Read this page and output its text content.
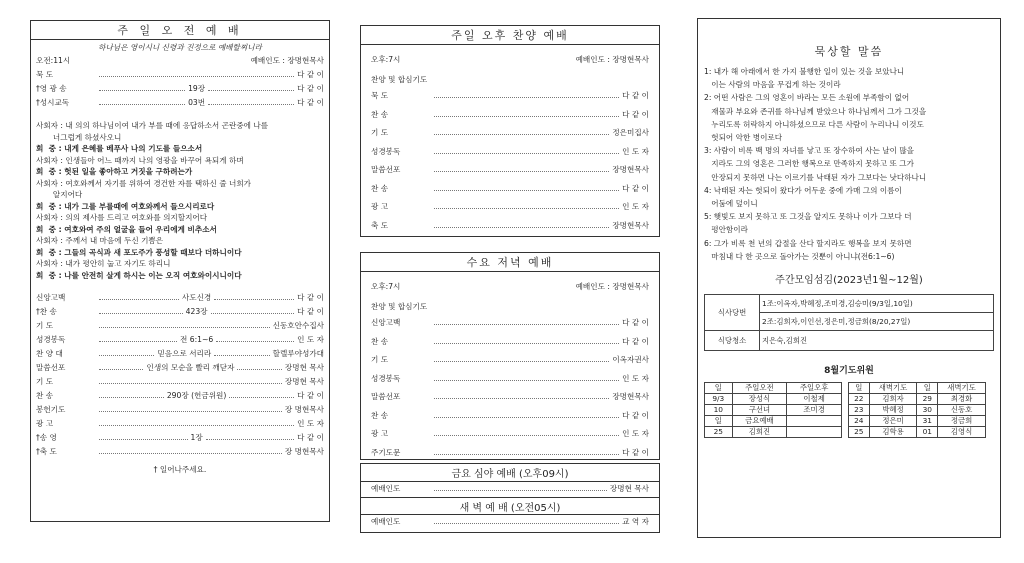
주 일 오 전 예 배
하나님은 영이시니 신령과 진정으로 예배할찌니라
오전:11시	예배인도 : 장명현목사
묵 도	다 같 이
†영 광 송	19장	다 같 이
†성시교독	03번	다 같 이
사회자 : 내 의의 하나님이여 내가 부를 때에 응답하소서 곤란중에 나를
너그럽게 하셨사오니
회  중 : 내게 은혜를 베푸사 나의 기도를 들으소서
사회자 : 인생들아 어느 때까지 나의 영광을 바꾸어 욕되게 하며
회  중 : 헛된 일을 좋아하고 거짓을 구하려는가
사회자 : 여호와께서 자기를 위하여 경건한 자를 택하신 줄 너희가
알지어다
회  중 : 내가 그를 부를때에 여호와께서 들으시리로다
사회자 : 의의 제사를 드리고 여호와를 의지할지어다
회  중 : 여호와여 주의 얼굴을 들어 우리에게 비추소서
사회자 : 주께서 내 마음에 두신 기쁨은
회  중 : 그들의 곡식과 새 포도주가 풍성할 때보다 더하니이다
사회자 : 내가 평안히 눕고 자기도 하리니
회  중 : 나를 안전히 살게 하시는 이는 오직 여호와이시니이다
신앙고백	사도신경	다 같 이
†찬 송	423장	다 같 이
기 도	신동호안수집사
성경봉독	전 6:1~6	인 도 자
찬 양 대	믿음으로 서리라	할렐루야성가대
말씀선포	인생의 모순을 빨리 깨닫자	장명현 목사
기 도	장명현 목사
찬 송	290장 (헌금위원)	다 같 이
봉헌기도	장 명현목사
광 고	인 도 자
†송 영	1장	다 같 이
†축 도	장 명현목사
† 일어나주세요.
주일 오후 찬양 예배
오후:7시	예배인도 : 장명현목사
찬양 및 합심기도
묵 도	다 같 이
찬 송	다 같 이
기 도	정은미집사
성경봉독	인 도 자
말씀선포	장명현목사
찬 송	다 같 이
광 고	인 도 자
축 도	장명현목사
수요 저녁 예배
오후:7시	예배인도 : 장명현목사
찬양 및 합심기도
신앙고백	다 같 이
찬 송	다 같 이
기 도	이옥자권사
성경봉독	인 도 자
말씀선포	장명현목사
찬 송	다 같 이
광 고	인 도 자
주기도문	다 같 이
금요 심야 예배 (오후09시)
예배인도	장명현 목사
새 벽 예 배 (오전05시)
예배인도	교 역 자
묵상할 말씀
1: 내가 해 아래에서 한 가지 불행한 일이 있는 것을 보았나니
이는 사람의 마음을 무겁게 하는 것이라
2: 어떤 사람은 그의 영혼이 바라는 모든 소원에 부족함이 없어
재물과 부요와 존귀를 하나님께 받았으나 하나님께서 그가 그것을
누리도록 허락하지 아니하셨으므로 다른 사람이 누리나니 이것도
헛되어 악한 병이로다
3: 사람이 비록 백 명의 자녀를 낳고 또 장수하여 사는 날이 많을
지라도 그의 영혼은 그러한 행복으로 만족하지 못하고 또 그가
안장되지 못하면 나는 이르기를 낙태된 자가 그보다는 낫다하나니
4: 낙태된 자는 헛되이 왔다가 어두운 중에 가매 그의 이름이
어둠에 덮이니
5: 햇빛도 보지 못하고 또 그것을 알지도 못하나 이가 그보다 더
평안함이라
6: 그가 비록 천 년의 갑절을 산다 할지라도 행복을 보지 못하면
마침내 다 한 곳으로 돌아가는 것뿐이 아니냐(전6:1~6)
주간모임섬김(2023년1월~12월)
식사당번	1조:이옥자,박혜정,조미경,김승미(9/3일,10일)
	2조:김희자,이인선,정은미,정금희(8/20,27일)
식당청소	지은숙,김희진
8월기도위원
일	주일오전	주일오후
9/3	장성식	이철제
10	구선녀	조미경
일	금요예배	
25	김희진	
일	새벽기도	일	새벽기도
22	김희자	29	최경화
23	박혜정	30	신동호
24	정은미	31	정금희
25	김학용	01	김영식
